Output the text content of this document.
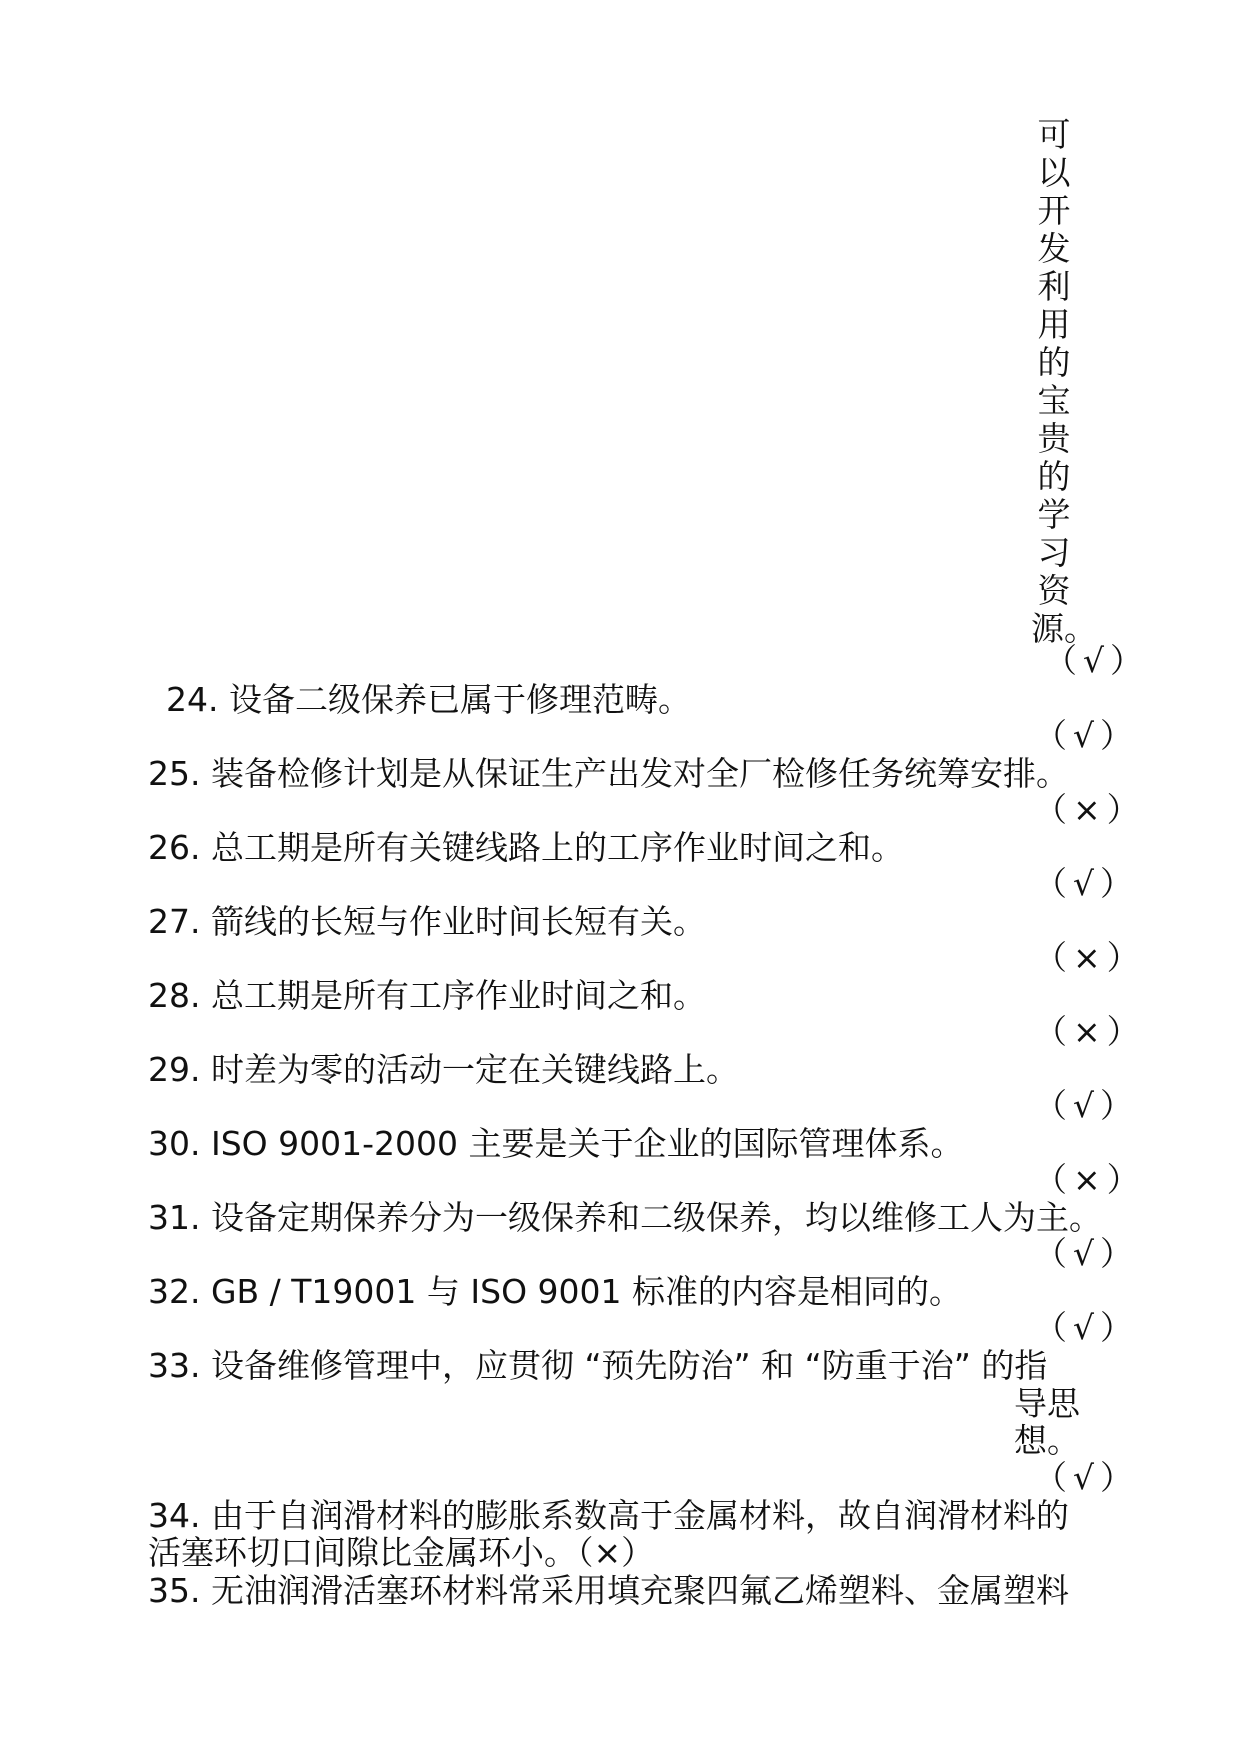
可
以
开
发
利
用
的
宝
贵
的
学
习
资
源。
（√）
24. 设备二级保养已属于修理范畴。
（√）
25. 装备检修计划是从保证生产出发对全厂检修任务统筹安排。
（×）
26. 总工期是所有关键线路上的工序作业时间之和。
（√）
27. 箭线的长短与作业时间长短有关。
（×）
28. 总工期是所有工序作业时间之和。
（×）
29. 时差为零的活动一定在关键线路上。
（√）
30. ISO 9001-2000 主要是关于企业的国际管理体系。
（×）
31. 设备定期保养分为一级保养和二级保养，均以维修工人为主。
（√）
32. GB / T19001 与 ISO 9001 标准的内容是相同的。
（√）
33. 设备维修管理中，应贯彻 “预先防治” 和 “防重于治” 的指
导思
想。
（√）
34. 由于自润滑材料的膨胀系数高于金属材料，故自润滑材料的
活塞环切口间隙比金属环小。（×）
35. 无油润滑活塞环材料常采用填充聚四氟乙烯塑料、金属塑料
